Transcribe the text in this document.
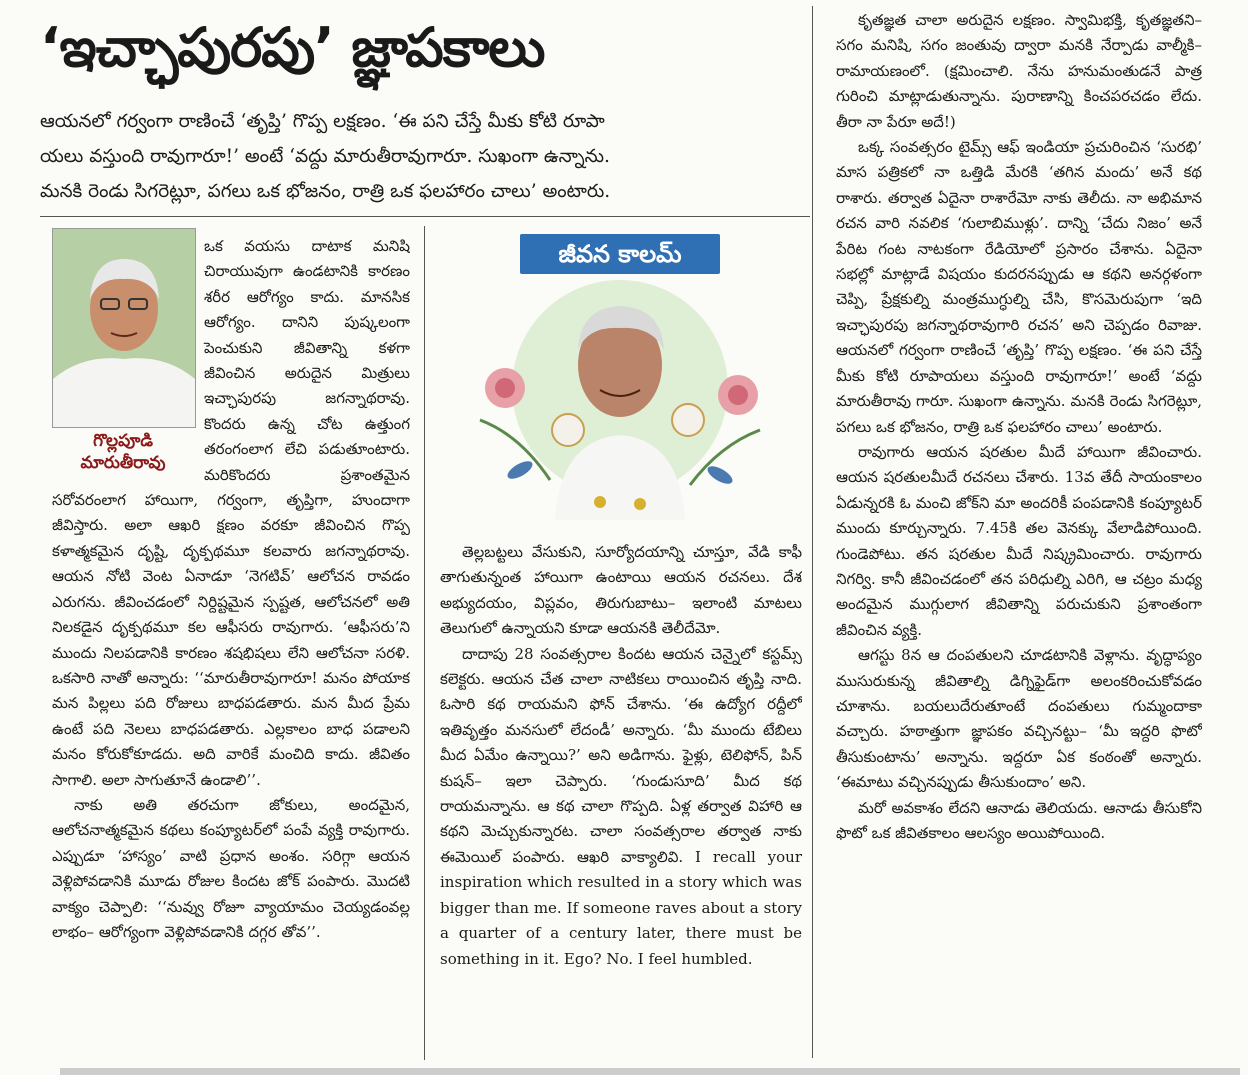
‘ఇచ్ఛాపురపు’ జ్ఞాపకాలు
ఆయనలో గర్వంగా రాణించే ‘తృప్తి’ గొప్ప లక్షణం. ‘ఈ పని చేస్తే మీకు కోటి రూపా
యలు వస్తుంది రావుగారూ!’ అంటే ‘వద్దు మారుతీరావుగారూ. సుఖంగా ఉన్నాను.
మనకి రెండు సిగరెట్లూ, పగలు ఒక భోజనం, రాత్రి ఒక ఫలహారం చాలు’ అంటారు.
గొల్లపూడి
మారుతీరావు
జీవన కాలమ్

ఒక వయసు దాటాక మనిషి చిరాయువుగా ఉండటానికి కారణం శరీర ఆరోగ్యం కాదు. మానసిక ఆరోగ్యం. దానిని పుష్కలంగా పెంచుకుని జీవితాన్ని కళగా జీవించిన అరుదైన మిత్రులు ఇచ్ఛాపురపు జగన్నాథరావు. కొందరు ఉన్న చోట ఉత్తుంగ తరంగంలాగ లేచి పడుతూంటారు. మరికొందరు ప్రశాంతమైన సరోవరంలాగ హాయిగా, గర్వంగా, తృప్తిగా, హుందాగా జీవిస్తారు. అలా ఆఖరి క్షణం వరకూ జీవించిన గొప్ప కళాత్మకమైన దృష్టి, దృక్పథమూ కలవారు జగన్నాథరావు. ఆయన నోటి వెంట ఏనాడూ ‘నెగటివ్’ ఆలోచన రావడం ఎరుగను. జీవించడంలో నిర్దిష్టమైన స్పష్టత, ఆలోచనలో అతి నిలకడైన దృక్పథమూ కల ఆఫీసరు రావుగారు. ‘ఆఫీసరు’ని ముందు నిలపడానికి కారణం శషభిషలు లేని ఆలోచనా సరళి. ఒకసారి నాతో అన్నారు: ‘‘మారుతీరావుగారూ! మనం పోయాక మన పిల్లలు పది రోజులు బాధపడతారు. మన మీద ప్రేమ ఉంటే పది నెలలు బాధపడతారు. ఎల్లకాలం బాధ పడాలని మనం కోరుకోకూడదు. అది వారికే మంచిది కాదు. జీవితం సాగాలి. అలా సాగుతూనే ఉండాలి’’.

నాకు అతి తరచుగా జోకులు, అందమైన, ఆలోచనాత్మకమైన కథలు కంప్యూటర్‌లో పంపే వ్యక్తి రావుగారు. ఎప్పుడూ ‘హాస్యం’ వాటి ప్రధాన అంశం. సరిగ్గా ఆయన వెళ్లిపోవడానికి మూడు రోజుల కిందట జోక్ పంపారు. మొదటి వాక్యం చెప్పాలి: ‘‘నువ్వు రోజూ వ్యాయామం చెయ్యడంవల్ల లాభం– ఆరోగ్యంగా వెళ్లిపోవడానికి దగ్గర తోవ’’.

తెల్లబట్టలు వేసుకుని, సూర్యోదయాన్ని చూస్తూ, వేడి కాఫీ తాగుతున్నంత హాయిగా ఉంటాయి ఆయన రచనలు. దేశ అభ్యుదయం, విప్లవం, తిరుగుబాటు– ఇలాంటి మాటలు తెలుగులో ఉన్నాయని కూడా ఆయనకి తెలీదేమో.

దాదాపు 28 సంవత్సరాల కిందట ఆయన చెన్నైలో కస్టమ్స్ కలెక్టరు. ఆయన చేత చాలా నాటికలు రాయించిన తృప్తి నాది. ఓసారి కథ రాయమని ఫోన్ చేశాను. ‘ఈ ఉద్యోగ రద్దీలో ఇతివృత్తం మనసులో లేదండీ’ అన్నారు. ‘మీ ముందు టేబిలు మీద ఏమేం ఉన్నాయి?’ అని అడిగాను. ఫైళ్లు, టెలిఫోన్, పిన్ కుషన్– ఇలా చెప్పారు. ‘గుండుసూది’ మీద కథ రాయమన్నాను. ఆ కథ చాలా గొప్పది. ఏళ్ల తర్వాత విహారి ఆ కథని మెచ్చుకున్నారట. చాలా సంవత్సరాల తర్వాత నాకు ఈమెయిల్ పంపారు. ఆఖరి వాక్యాలివి. I recall your inspiration which resulted in a story which was bigger than me. If someone raves about a story a quarter of a century later, there must be something in it. Ego? No. I feel humbled.

కృతజ్ఞత చాలా అరుదైన లక్షణం. స్వామిభక్తి, కృతజ్ఞతని– సగం మనిషి, సగం జంతువు ద్వారా మనకి నేర్పాడు వాల్మీకి– రామాయణంలో. (క్షమించాలి. నేను హనుమంతుడనే పాత్ర గురించి మాట్లాడుతున్నాను. పురాణాన్ని కించపరచడం లేదు. తీరా నా పేరూ అదే!)

ఒక్క సంవత్సరం టైమ్స్ ఆఫ్ ఇండియా ప్రచురించిన ‘సురభి’ మాస పత్రికలో నా ఒత్తిడి మేరకి ‘తగిన మందు’ అనే కథ రాశారు. తర్వాత ఏదైనా రాశారేమో నాకు తెలీదు. నా అభిమాన రచన వారి నవలిక ‘గులాబిముళ్లు’. దాన్ని ‘చేదు నిజం’ అనే పేరిట గంట నాటకంగా రేడియోలో ప్రసారం చేశాను. ఏదైనా సభల్లో మాట్లాడే విషయం కుదరనప్పుడు ఆ కథని అనర్గళంగా చెప్పి, ప్రేక్షకుల్ని మంత్రముగ్ధుల్ని చేసి, కొసమెరుపుగా ‘ఇది ఇచ్ఛాపురపు జగన్నాథరావుగారి రచన’ అని చెప్పడం రివాజు. ఆయనలో గర్వంగా రాణించే ‘తృప్తి’ గొప్ప లక్షణం. ‘ఈ పని చేస్తే మీకు కోటి రూపాయలు వస్తుంది రావుగారూ!’ అంటే ‘వద్దు మారుతీరావు గారూ. సుఖంగా ఉన్నాను. మనకి రెండు సిగరెట్లూ, పగలు ఒక భోజనం, రాత్రి ఒక ఫలహారం చాలు’ అంటారు.

రావుగారు ఆయన షరతుల మీదే హాయిగా జీవించారు. ఆయన షరతులమీదే రచనలు చేశారు. 13వ తేదీ సాయంకాలం ఏడున్నరకి ఓ మంచి జోక్‌ని మా అందరికీ పంపడానికి కంప్యూటర్ ముందు కూర్చున్నారు. 7.45కి తల వెనక్కు వేలాడిపోయింది. గుండెపోటు. తన షరతుల మీదే నిష్క్రమించారు. రావుగారు నిగర్వి. కానీ జీవించడంలో తన పరిధుల్ని ఎరిగి, ఆ చట్రం మధ్య అందమైన ముగ్గులాగ జీవితాన్ని పరుచుకుని ప్రశాంతంగా జీవించిన వ్యక్తి.

ఆగస్టు 8న ఆ దంపతులని చూడటానికి వెళ్లాను. వృద్ధాప్యం ముసురుకున్న జీవితాల్ని డిగ్నిఫైడ్‌గా అలంకరించుకోవడం చూశాను. బయలుదేరుతూంటే దంపతులు గుమ్మందాకా వచ్చారు. హఠాత్తుగా జ్ఞాపకం వచ్చినట్టు– ‘మీ ఇద్దరి ఫొటో తీసుకుంటాను’ అన్నాను. ఇద్దరూ ఏక కంఠంతో అన్నారు. ‘ఈమాటు వచ్చినప్పుడు తీసుకుందాం’ అని.

మరో అవకాశం లేదని ఆనాడు తెలియదు. ఆనాడు తీసుకోని ఫొటో ఒక జీవితకాలం ఆలస్యం అయిపోయింది.
